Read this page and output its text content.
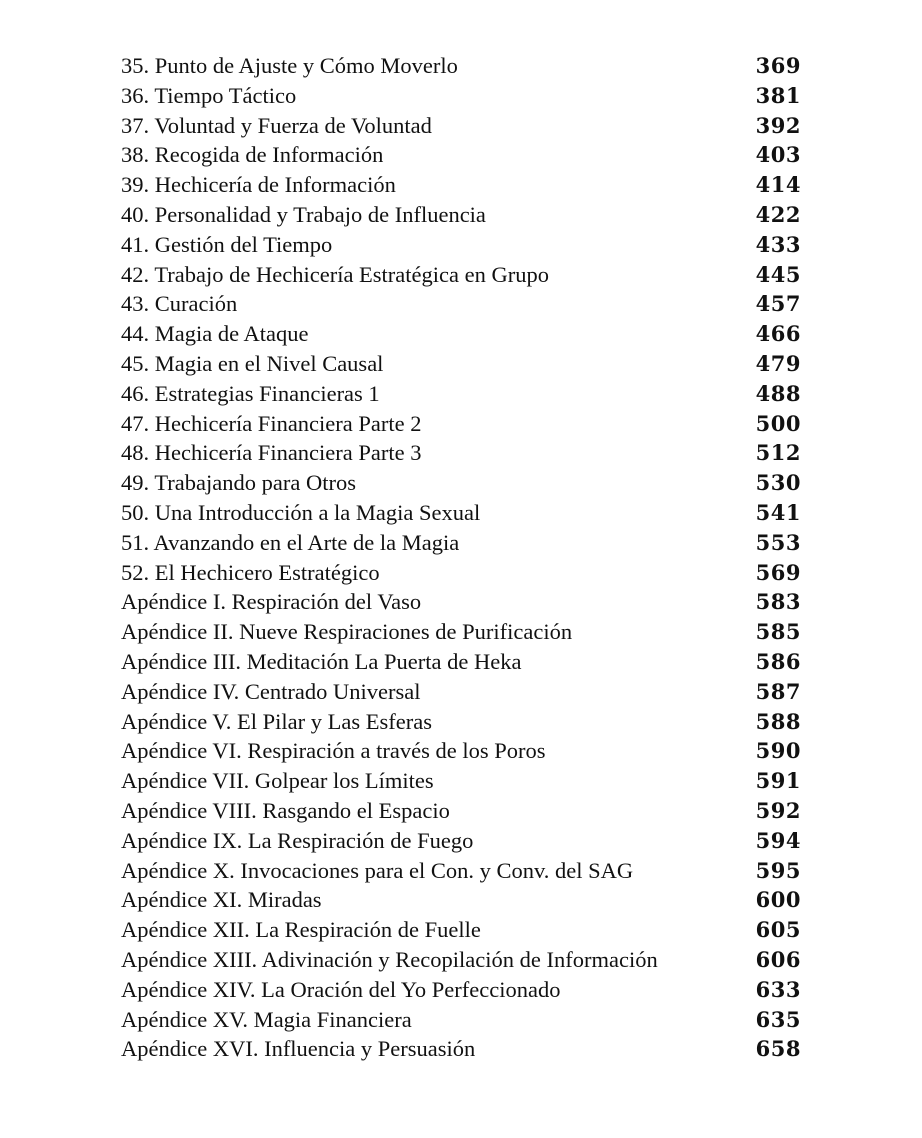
35. Punto de Ajuste y Cómo Moverlo	369
36. Tiempo Táctico	381
37. Voluntad y Fuerza de Voluntad	392
38. Recogida de Información	403
39. Hechicería de Información	414
40. Personalidad y Trabajo de Influencia	422
41. Gestión del Tiempo	433
42. Trabajo de Hechicería Estratégica en Grupo	445
43. Curación	457
44. Magia de Ataque	466
45. Magia en el Nivel Causal	479
46. Estrategias Financieras 1	488
47. Hechicería Financiera Parte 2	500
48. Hechicería Financiera Parte 3	512
49. Trabajando para Otros	530
50. Una Introducción a la Magia Sexual	541
51. Avanzando en el Arte de la Magia	553
52. El Hechicero Estratégico	569
Apéndice I. Respiración del Vaso	583
Apéndice II. Nueve Respiraciones de Purificación	585
Apéndice III. Meditación La Puerta de Heka	586
Apéndice IV. Centrado Universal	587
Apéndice V. El Pilar y Las Esferas	588
Apéndice VI. Respiración a través de los Poros	590
Apéndice VII. Golpear los Límites	591
Apéndice VIII. Rasgando el Espacio	592
Apéndice IX. La Respiración de Fuego	594
Apéndice X. Invocaciones para el Con. y Conv. del SAG	595
Apéndice XI. Miradas	600
Apéndice XII. La Respiración de Fuelle	605
Apéndice XIII. Adivinación y Recopilación de Información	606
Apéndice XIV. La Oración del Yo Perfeccionado	633
Apéndice XV. Magia Financiera	635
Apéndice XVI. Influencia y Persuasión	658
